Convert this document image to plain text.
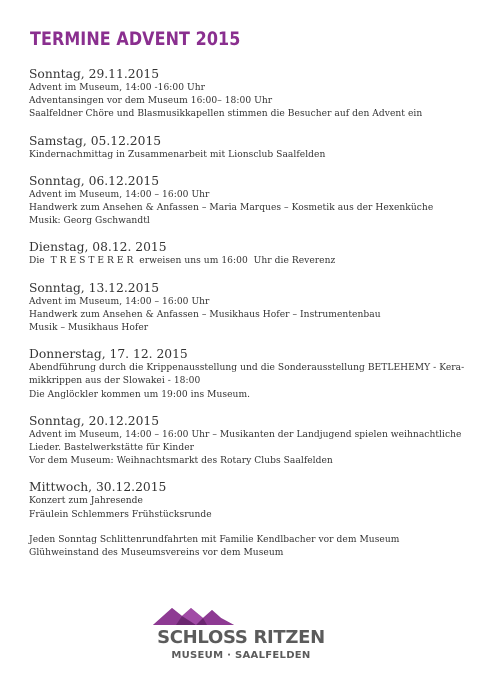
TERMINE ADVENT 2015
Sonntag, 29.11.2015
Advent im Museum, 14:00 -16:00 Uhr
Adventansingen vor dem Museum 16:00– 18:00 Uhr
Saalfeldner Chöre und Blasmusikkapellen stimmen die Besucher auf den Advent ein
Samstag, 05.12.2015
Kindernachmittag in Zusammenarbeit mit Lionsclub Saalfelden
Sonntag, 06.12.2015
Advent im Museum, 14:00 – 16:00 Uhr
Handwerk zum Ansehen & Anfassen – Maria Marques – Kosmetik aus der Hexenküche
Musik: Georg Gschwandtl
Dienstag, 08.12. 2015
Die  T R E S T E R E R  erweisen uns um 16:00  Uhr die Reverenz
Sonntag, 13.12.2015
Advent im Museum, 14:00 – 16:00 Uhr
Handwerk zum Ansehen & Anfassen – Musikhaus Hofer – Instrumentenbau
Musik – Musikhaus Hofer
Donnerstag, 17. 12. 2015
Abendführung durch die Krippenausstellung und die Sonderausstellung BETLEHEMY - Kera-
mikkrippen aus der Slowakei - 18:00
Die Anglöckler kommen um 19:00 ins Museum.
Sonntag, 20.12.2015
Advent im Museum, 14:00 – 16:00 Uhr – Musikanten der Landjugend spielen weihnachtliche
Lieder. Bastelwerkstätte für Kinder
Vor dem Museum: Weihnachtsmarkt des Rotary Clubs Saalfelden
Mittwoch, 30.12.2015
Konzert zum Jahresende
Fräulein Schlemmers Frühstücksrunde
Jeden Sonntag Schlittenrundfahrten mit Familie Kendlbacher vor dem Museum
Glühweinstand des Museumsvereins vor dem Museum
SCHLOSS RITZEN
MUSEUM · SAALFELDEN
